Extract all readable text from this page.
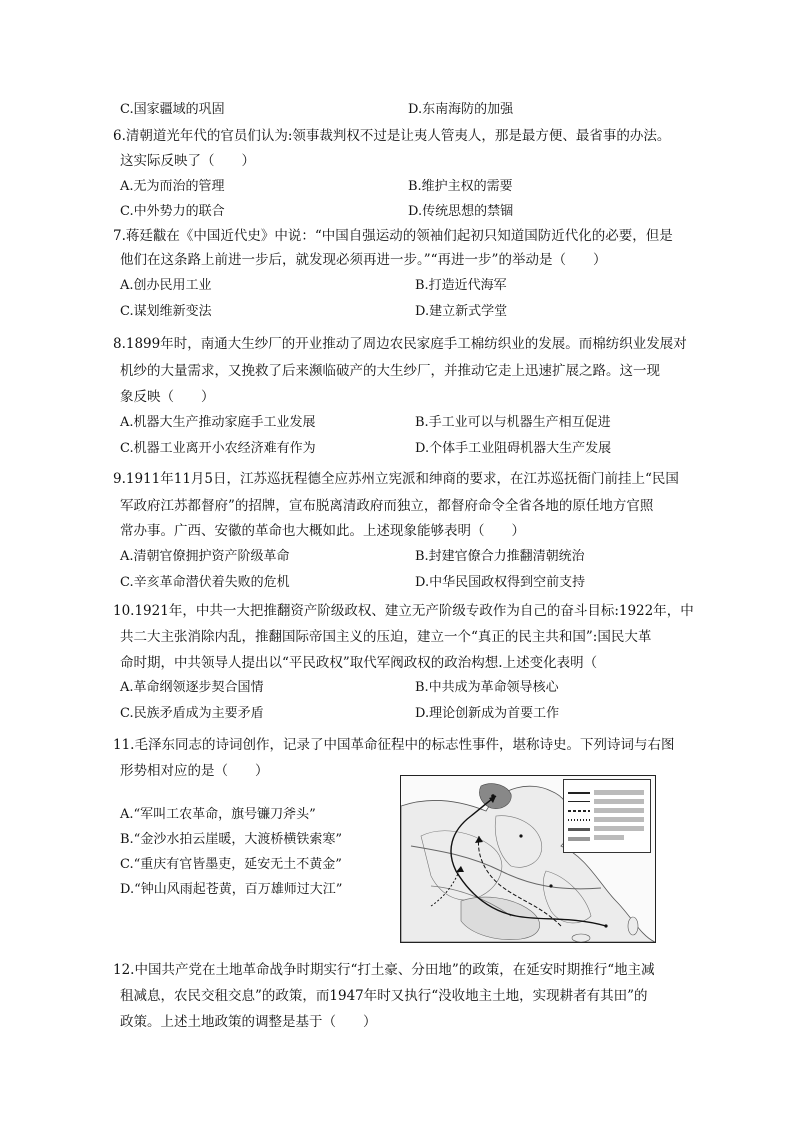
C.国家疆域的巩固	D.东南海防的加强
6.清朝道光年代的官员们认为:领事裁判权不过是让夷人管夷人，那是最方便、最省事的办法。
这实际反映了（　　）
A.无为而治的管理	B.维护主权的需要
C.中外势力的联合	D.传统思想的禁锢
7.蒋廷黻在《中国近代史》中说：“中国自强运动的领袖们起初只知道国防近代化的必要，但是
他们在这条路上前进一步后，就发现必须再进一步。”“再进一步”的举动是（　　）
A.创办民用工业	B.打造近代海军
C.谋划维新变法	D.建立新式学堂
8.1899年时，南通大生纱厂的开业推动了周边农民家庭手工棉纺织业的发展。而棉纺织业发展对
机纱的大量需求，又挽救了后来濒临破产的大生纱厂，并推动它走上迅速扩展之路。这一现
象反映（　　）
A.机器大生产推动家庭手工业发展	B.手工业可以与机器生产相互促进
C.机器工业离开小农经济难有作为	D.个体手工业阻碍机器大生产发展
9.1911年11月5日，江苏巡抚程德全应苏州立宪派和绅商的要求，在江苏巡抚衙门前挂上“民国
军政府江苏都督府”的招牌，宣布脱离清政府而独立，都督府命令全省各地的原任地方官照
常办事。广西、安徽的革命也大概如此。上述现象能够表明（　　）
A.清朝官僚拥护资产阶级革命	B.封建官僚合力推翻清朝统治
C.辛亥革命潜伏着失败的危机	D.中华民国政权得到空前支持
10.1921年，中共一大把推翻资产阶级政权、建立无产阶级专政作为自己的奋斗目标:1922年，中
共二大主张消除内乱，推翻国际帝国主义的压迫，建立一个“真正的民主共和国”:国民大革
命时期，中共领导人提出以“平民政权”取代军阀政权的政治构想.上述变化表明（
A.革命纲领逐步契合国情	B.中共成为革命领导核心
C.民族矛盾成为主要矛盾	D.理论创新成为首要工作
11.毛泽东同志的诗词创作，记录了中国革命征程中的标志性事件，堪称诗史。下列诗词与右图
形势相对应的是（　　）
A.“军叫工农革命，旗号镰刀斧头”
B.“金沙水拍云崖暖，大渡桥横铁索寒”
C.“重庆有官皆墨吏，延安无土不黄金”
D.“钟山风雨起苍黄，百万雄师过大江”
12.中国共产党在土地革命战争时期实行“打土豪、分田地”的政策，在延安时期推行“地主减
租减息，农民交租交息”的政策，而1947年时又执行“没收地主土地，实现耕者有其田”的
政策。上述土地政策的调整是基于（　　）
